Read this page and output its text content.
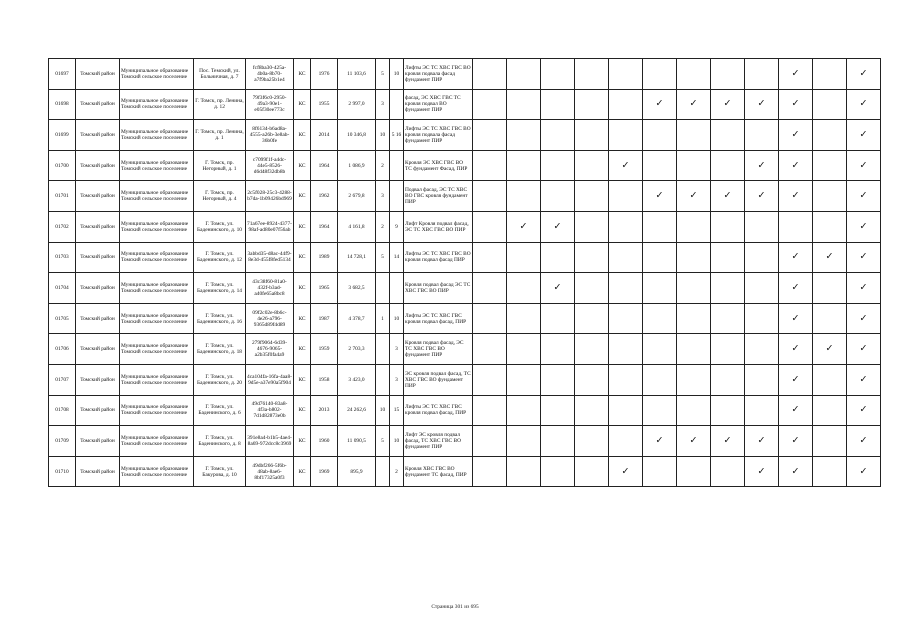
01697	Томский район	Муниципальное образование Томский сельское поселение	Пос. Темский, ул. Больничная, д. 7	fcf8ba30-425a-4b0a-8b70-a7f9ba25b1e4	КС	1976	11 103,6	5	10	Лифты ЭС ТС ХВС ГВС ВО кровля подвала фасад фундамент ПИР										✓		✓
01698	Томский район	Муниципальное образование Томский сельское поселение	Г. Томск, пр. Ленина, д. 12	79f3f6c0-2950-49a3-90e1-e05f30ee773c	КС	1955	2 997,0	3		фасад, ЭС ХВС ГВС ТС кровля подвал ВО фундамент ПИР						✓	✓	✓	✓	✓		✓
01699	Томский район	Муниципальное образование Томский сельское поселение	Г. Томск, пр. Ленина, д. 1	8f6134-b6ad8a-4555-a26b-3e8ab-36b0fe	КС	2014	10 346,8	10	5 16	Лифты ЭС ТС ХВС ГВС ВО кровля подвала фасад фундамент ПИР										✓		✓
01700	Томский район	Муниципальное образование Томский сельское поселение	Г. Томск, пр. Негорный, д. 1	c7099f1f-a4dc-44e5-8526-d6d48f32db8b	КС	1964	1 086,9	2		Кровля ЭС ХВС ГВС ВО ТС фундамент Фасад, ПИР					✓				✓	✓		✓
01701	Томский район	Муниципальное образование Томский сельское поселение	Г. Томск, пр. Негорный, д. 4	2c5f028-25c3-4288-b7da-1b09426bd969	КС	1962	2 679,8	3		Подвал фасад, ЭС ТС ХВС ВО ГВС кровля фундамент ПИР						✓	✓	✓	✓	✓		✓
01702	Томский район	Муниципальное образование Томский сельское поселение	Г. Томск, ул. Баденинского, д. 10	71a67ee-8924-4377-98af-ad80e07f56ab	КС	1964	4 161,8	2	9	Лифт Кровля подвал фасад, ЭС ТС ХВС ГВС ВО ПИР		✓	✓									✓
01703	Томский район	Муниципальное образование Томский сельское поселение	Г. Томск, ул. Баденинского, д. 12	3abbd35-d8ac-44f9-8e3d-455f8fed5134	КС	1989	14 728,1	5	14	Лифты ЭС ТС ХВС ГВС ВО кровля подвал фасад ПИР										✓	✓	✓
01704	Томский район	Муниципальное образование Томский сельское поселение	Г. Томск, ул. Баденинского, д. 14	43c38f60-81a0-432f-b3ad-a40fe65a8bc8	КС	1965	3 682,5			Кровля подвал фасад ЭС ТС ХВС ГВС ВО ПИР			✓							✓		✓
01705	Томский район	Муниципальное образование Томский сельское поселение	Г. Томск, ул. Баденинского, д. 16	09f2c02e-8b6c-4e26-a796-9365d89f4d89	КС	1987	4 378,7	1	10	Лифты ЭС ТС ХВС ГВС кровля подвал фасад, ПИР										✓		✓
01706	Томский район	Муниципальное образование Томский сельское поселение	Г. Томск, ул. Баденинского, д. 18	279f9064-6d39-4676-9065-a2b35f0fa4a9	КС	1959	2 703,3		3	Кровля подвал фасад, ЭС ТС ХВС ГВС ВО фундамент ПИР										✓	✓	✓
01707	Томский район	Муниципальное образование Томский сельское поселение	Г. Томск, ул. Баденинского, д. 20	4ca104fa-16fa-4aa8-9d5e-a37e90a5f904	КС	1958	3 423,0		3	ЭС кровля подвал фасад, ТС ХВС ГВС ВО фундамент ПИР										✓		✓
01708	Томский район	Муниципальное образование Томский сельское поселение	Г. Томск, ул. Баденинского, д. 6	49d76140-83a8-4f3a-b802-7d1d82873e0b	КС	2013	24 262,6	10	15	Лифты ЭС ТС ХВС ГВС кровля подвал фасад, ПИР										✓		✓
01709	Томский район	Муниципальное образование Томский сельское поселение	Г. Томск, ул. Баденинского, д. 8	391e8a4-b1b5-4ae4-8a69-972dcc8c3969	КС	1960	11 090,5	5	10	Лифт ЭС кровля подвал фасад, ТС ХВС ГВС ВО фундамент ПИР						✓	✓	✓	✓	✓		✓
01710	Томский район	Муниципальное образование Томский сельское поселение	Г. Томск, ул. Бакурова, д. 10	49dbf266-5f6b-48ab-8ae6-8bf17325a0f3	КС	1969	895,9		2	Кровля ХВС ГВС ВО фундамент ТС фасад, ПИР					✓				✓	✓		✓
Страница 301 из 695
